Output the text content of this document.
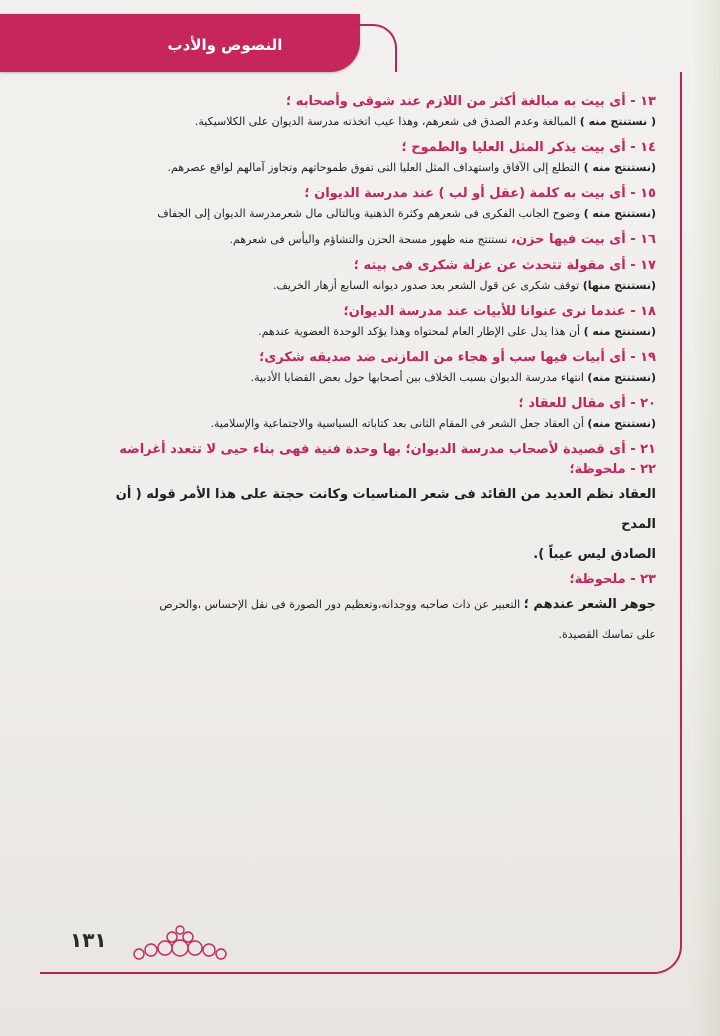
النصوص والأدب

١٣ - أى بيت به مبالغة أكثر من اللازم عند شوقى وأصحابه ؛

( نستنتج منه ) المبالغة وعدم الصدق فى شعرهم، وهذا عيب اتخذته مدرسة الديوان على الكلاسيكية.

١٤ - أى بيت يذكر المثل العليا والطموح ؛

(نستنتج منه ) التطلع إلى الآفاق واستهداف المثل العليا التى تفوق طموحاتهم وتجاوز آمالهم لواقع عصرهم.

١٥ - أى بيت به كلمة (عقل أو لب ) عند مدرسة الديوان ؛

(نستنتج منه ) وضوح الجانب الفكرى فى شعرهم وكثرة الذهنية وبالتالى مال شعرمدرسة الديوان إلى الجفاف

١٦ - أى بيت فيها حزن، نستنتج منه ظهور مسحة الحزن والتشاؤم واليأس فى شعرهم.

١٧ - أى مقولة تتحدث عن عزلة شكرى فى بيته ؛

(نستنتج منها) توقف شكرى عن قول الشعر بعد صدور ديوانه السابع أزهار الخريف.

١٨ - عندما نرى عنوانا للأبيات عند مدرسة الديوان؛

(نستنتج منه ) أن هذا يدل على الإطار العام لمحتواه وهذا يؤكد الوحدة العضوية عندهم.

١٩ - أى أبيات فيها سب أو هجاء من المازنى ضد صديقه شكرى؛

(نستنتج منه) انتهاء مدرسة الديوان بسبب الخلاف بين أصحابها حول بعض القضايا الأدبية.

٢٠ - أى مقال للعقاد ؛

(نستنتج منه) أن العقاد جعل الشعر فى المقام الثانى بعد كتاباته السياسية والاجتماعية والإسلامية.

٢١ - أى قصيدة لأصحاب مدرسة الديوان؛ بها وحدة فنية فهى بناء حيى لا تتعدد أغراضه

٢٢ - ملحوظة؛

العقاد نظم العديد من القائد فى شعر المناسبات وكانت حجتة على هذا الأمر قوله ( أن المدح

الصادق ليس عيباً ).

٢٣ - ملحوظة؛

جوهر الشعر عندهم ؛ التعبير عن ذات صاحبه ووجدانه،وتعظيم دور الصورة فى نقل الإحساس ،والحرص

على تماسك القصيدة.

١٣١
